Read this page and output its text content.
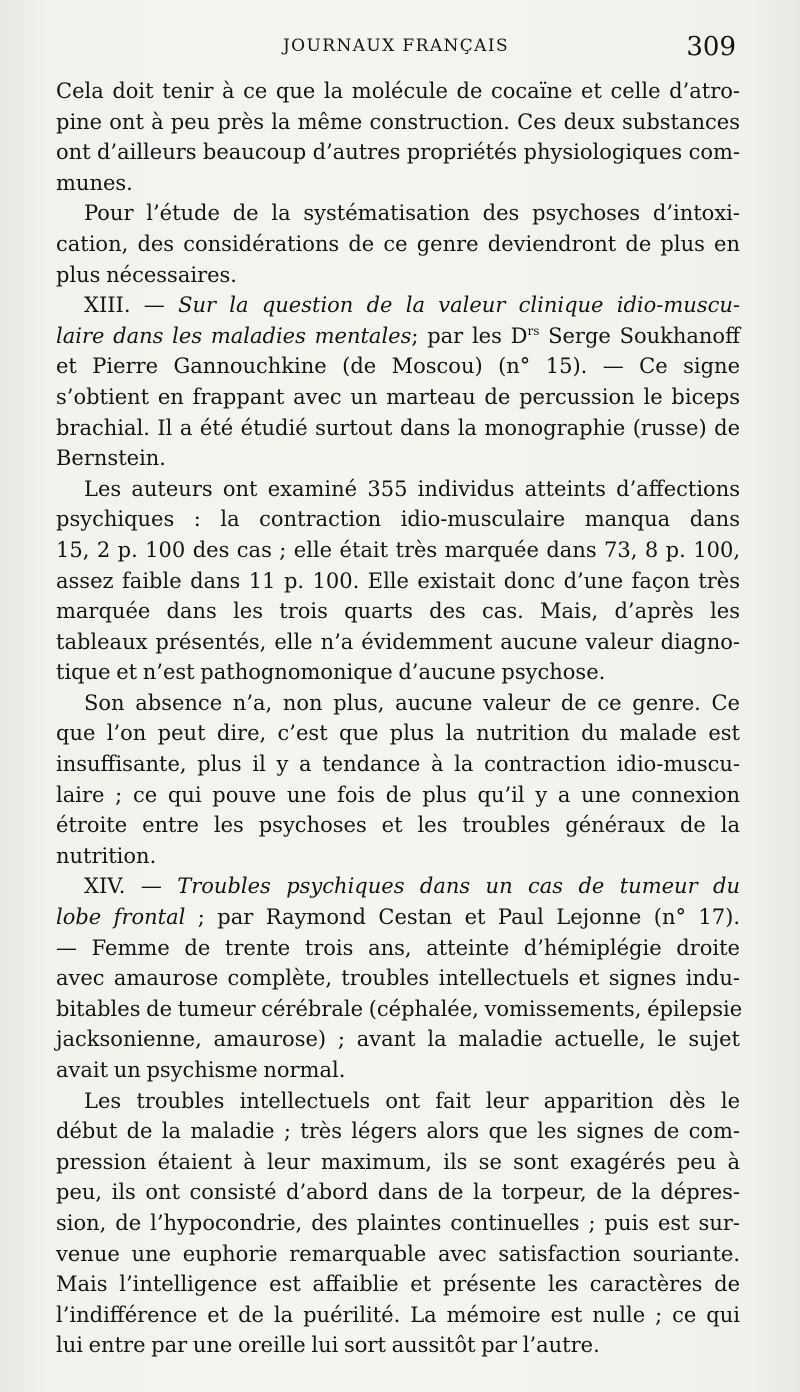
JOURNAUX FRANÇAIS	309
Cela doit tenir à ce que la molécule de cocaïne et celle d’atro-
pine ont à peu près la même construction. Ces deux substances
ont d’ailleurs beaucoup d’autres propriétés physiologiques com-
munes.
Pour l’étude de la systématisation des psychoses d’intoxi-
cation, des considérations de ce genre deviendront de plus en
plus nécessaires.
XIII. — Sur la question de la valeur clinique idio-muscu-
laire dans les maladies mentales; par les $D^{rs}$ Serge Soukhanoff
et Pierre Gannouchkine (de Moscou) (n° 15). — Ce signe
s’obtient en frappant avec un marteau de percussion le biceps
brachial. Il a été étudié surtout dans la monographie (russe) de
Bernstein.
Les auteurs ont examiné 355 individus atteints d’affections
psychiques : la contraction idio-musculaire manqua dans
15, 2 p. 100 des cas ; elle était très marquée dans 73, 8 p. 100,
assez faible dans 11 p. 100. Elle existait donc d’une façon très
marquée dans les trois quarts des cas. Mais, d’après les
tableaux présentés, elle n’a évidemment aucune valeur diagno-
tique et n’est pathognomonique d’aucune psychose.
Son absence n’a, non plus, aucune valeur de ce genre. Ce
que l’on peut dire, c’est que plus la nutrition du malade est
insuffisante, plus il y a tendance à la contraction idio-muscu-
laire ; ce qui pouve une fois de plus qu’il y a une connexion
étroite entre les psychoses et les troubles généraux de la
nutrition.
XIV. — Troubles psychiques dans un cas de tumeur du
lobe frontal ; par Raymond Cestan et Paul Lejonne (n° 17).
— Femme de trente trois ans, atteinte d’hémiplégie droite
avec amaurose complète, troubles intellectuels et signes indu-
bitables de tumeur cérébrale (céphalée, vomissements, épilepsie
jacksonienne, amaurose) ; avant la maladie actuelle, le sujet
avait un psychisme normal.
Les troubles intellectuels ont fait leur apparition dès le
début de la maladie ; très légers alors que les signes de com-
pression étaient à leur maximum, ils se sont exagérés peu à
peu, ils ont consisté d’abord dans de la torpeur, de la dépres-
sion, de l’hypocondrie, des plaintes continuelles ; puis est sur-
venue une euphorie remarquable avec satisfaction souriante.
Mais l’intelligence est affaiblie et présente les caractères de
l’indifférence et de la puérilité. La mémoire est nulle ; ce qui
lui entre par une oreille lui sort aussitôt par l’autre.
